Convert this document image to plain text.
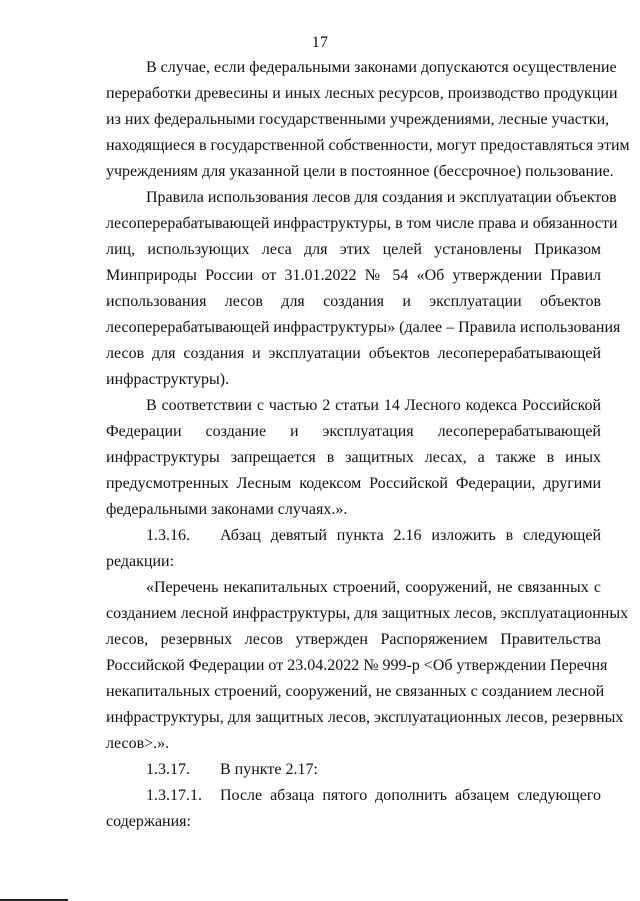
17
В случае, если федеральными законами допускаются осуществление
переработки древесины и иных лесных ресурсов, производство продукции
из них федеральными государственными учреждениями, лесные участки,
находящиеся в государственной собственности, могут предоставляться этим
учреждениям для указанной цели в постоянное (бессрочное) пользование.
Правила использования лесов для создания и эксплуатации объектов
лесоперерабатывающей инфраструктуры, в том числе права и обязанности
лиц, использующих леса для этих целей установлены Приказом
Минприроды России от 31.01.2022 № 54 «Об утверждении Правил
использования лесов для создания и эксплуатации объектов
лесоперерабатывающей инфраструктуры» (далее – Правила использования
лесов для создания и эксплуатации объектов лесоперерабатывающей
инфраструктуры).
В соответствии с частью 2 статьи 14 Лесного кодекса Российской
Федерации создание и эксплуатация лесоперерабатывающей
инфраструктуры запрещается в защитных лесах, а также в иных
предусмотренных Лесным кодексом Российской Федерации, другими
федеральными законами случаях.».
1.3.16.	Абзац девятый пункта 2.16 изложить в следующей
редакции:
«Перечень некапитальных строений, сооружений, не связанных с
созданием лесной инфраструктуры, для защитных лесов, эксплуатационных
лесов, резервных лесов утвержден Распоряжением Правительства
Российской Федерации от 23.04.2022 № 999-р <Об утверждении Перечня
некапитальных строений, сооружений, не связанных с созданием лесной
инфраструктуры, для защитных лесов, эксплуатационных лесов, резервных
лесов>.».
1.3.17.	В пункте 2.17:
1.3.17.1.	После абзаца пятого дополнить абзацем следующего
содержания:
